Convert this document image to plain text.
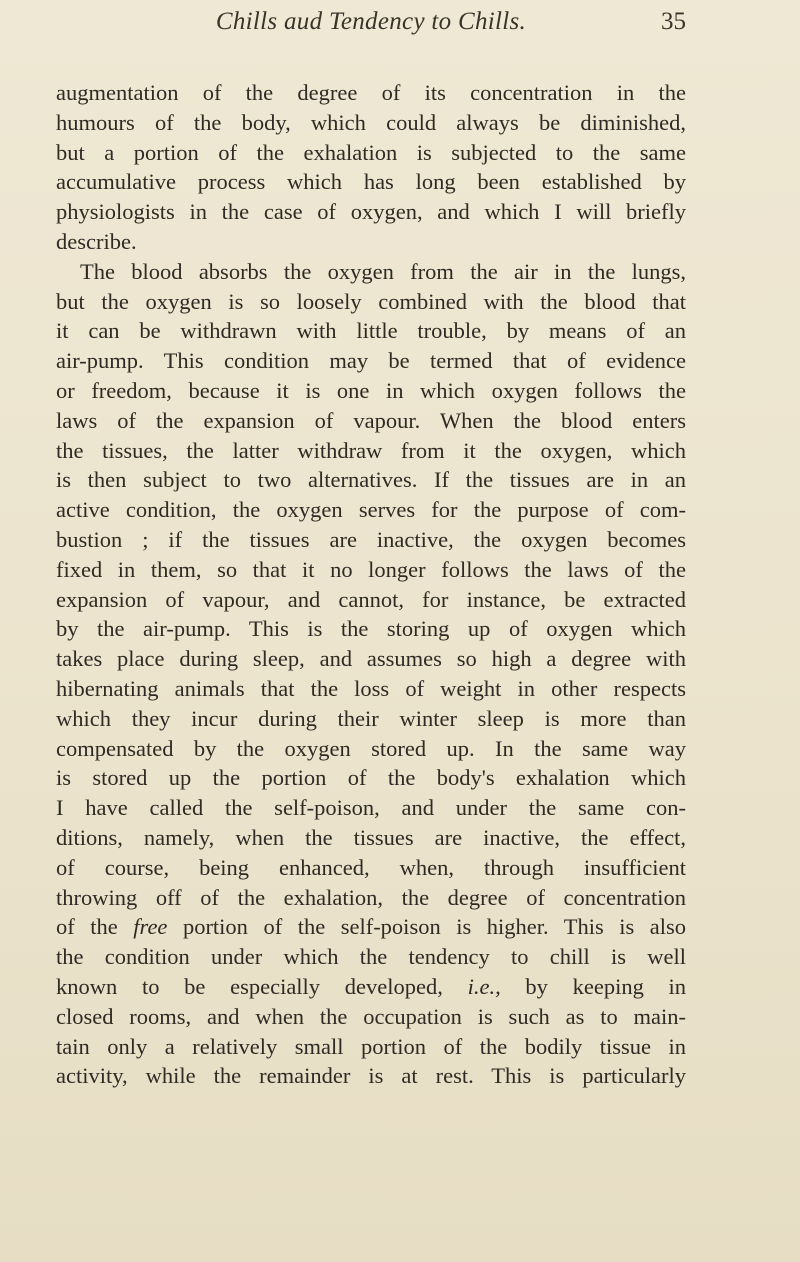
Chills aud Tendency to Chills.	35

augmentation of the degree of its concentration in the
humours of the body, which could always be diminished,
but a portion of the exhalation is subjected to the same
accumulative process which has long been established by
physiologists in the case of oxygen, and which I will briefly
describe.

The blood absorbs the oxygen from the air in the lungs,
but the oxygen is so loosely combined with the blood that
it can be withdrawn with little trouble, by means of an
air-pump. This condition may be termed that of evidence
or freedom, because it is one in which oxygen follows the
laws of the expansion of vapour. When the blood enters
the tissues, the latter withdraw from it the oxygen, which
is then subject to two alternatives. If the tissues are in an
active condition, the oxygen serves for the purpose of com-
bustion ; if the tissues are inactive, the oxygen becomes
fixed in them, so that it no longer follows the laws of the
expansion of vapour, and cannot, for instance, be extracted
by the air-pump. This is the storing up of oxygen which
takes place during sleep, and assumes so high a degree with
hibernating animals that the loss of weight in other respects
which they incur during their winter sleep is more than
compensated by the oxygen stored up. In the same way
is stored up the portion of the body's exhalation which
I have called the self-poison, and under the same con-
ditions, namely, when the tissues are inactive, the effect,
of course, being enhanced, when, through insufficient
throwing off of the exhalation, the degree of concentration
of the free portion of the self-poison is higher. This is also
the condition under which the tendency to chill is well
known to be especially developed, i.e., by keeping in
closed rooms, and when the occupation is such as to main-
tain only a relatively small portion of the bodily tissue in
activity, while the remainder is at rest. This is particularly
